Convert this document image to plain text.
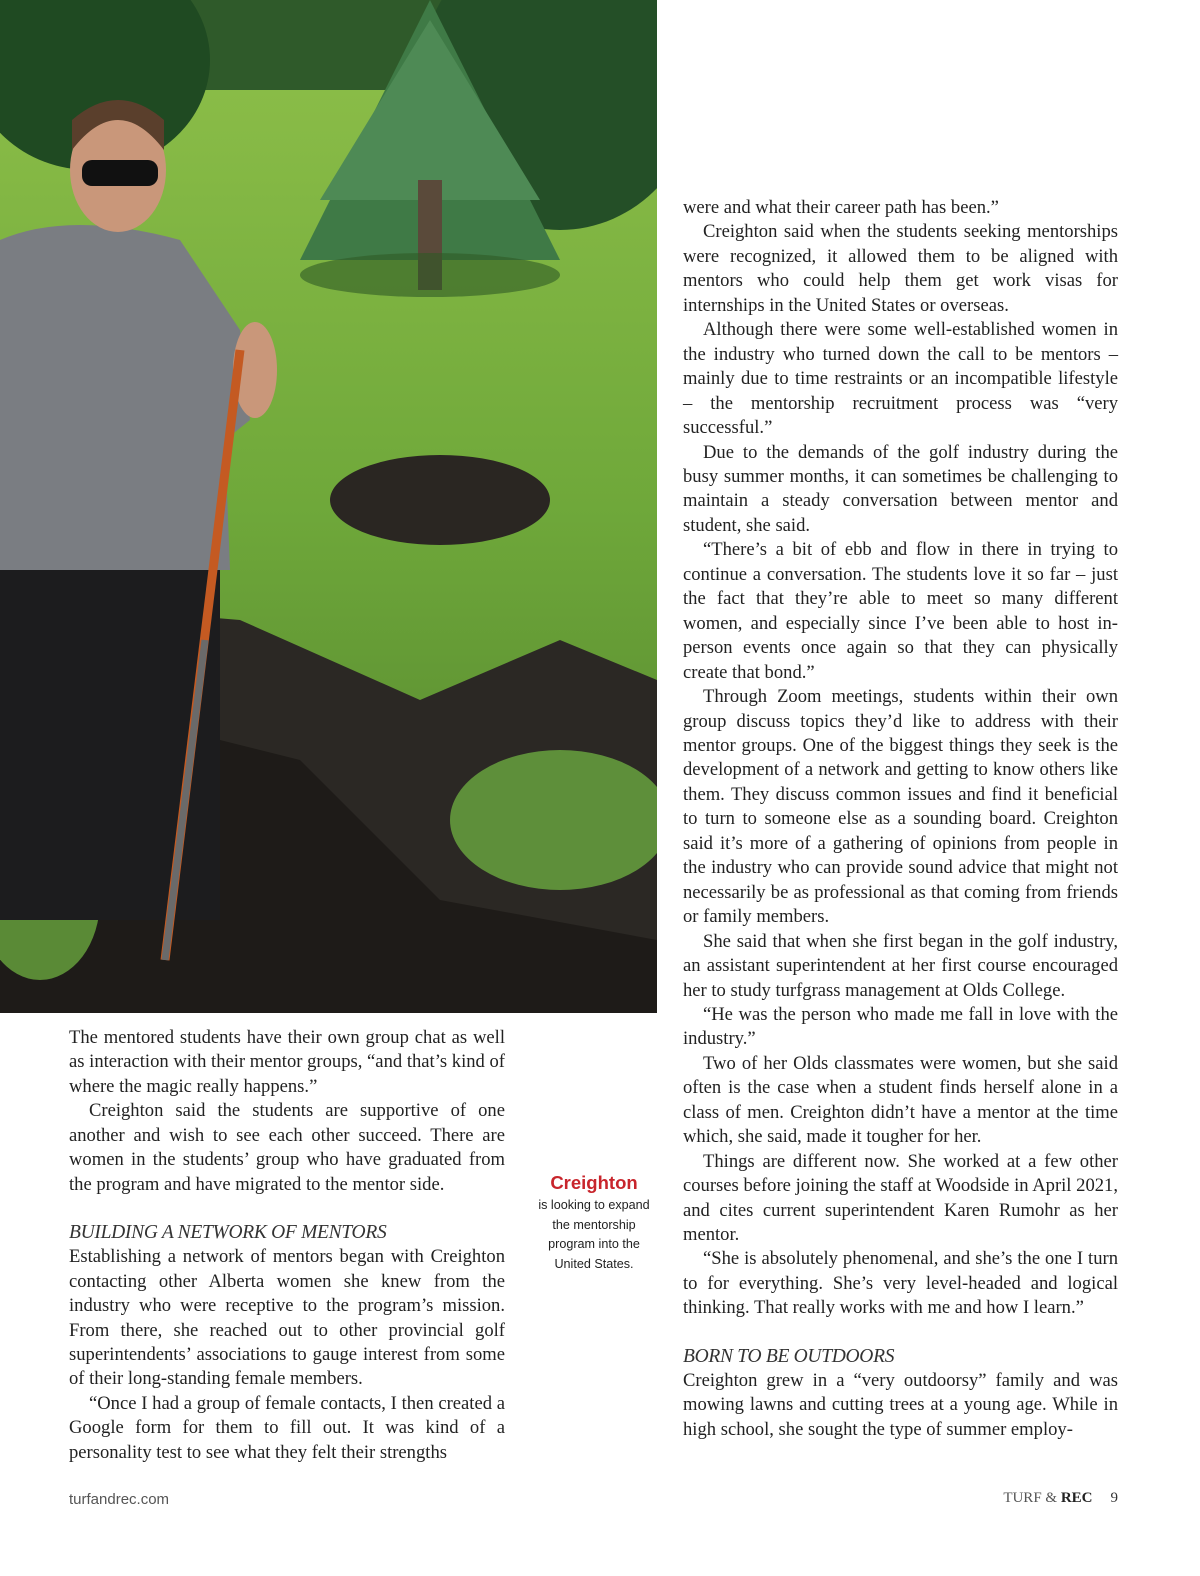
The mentored students have their own group chat as well as interaction with their mentor groups, “and that’s kind of where the magic really happens.”

Creighton said the students are supportive of one another and wish to see each other succeed. There are women in the students’ group who have graduated from the program and have migrated to the mentor side.

BUILDING A NETWORK OF MENTORS

Establishing a network of mentors began with Creighton contacting other Alberta women she knew from the industry who were receptive to the program’s mission. From there, she reached out to other provincial golf superintendents’ associations to gauge interest from some of their long-standing female members.

“Once I had a group of female contacts, I then created a Google form for them to fill out. It was kind of a personality test to see what they felt their strengths

Creighton
is looking to expand the mentorship program into the United States.

were and what their career path has been.”

Creighton said when the students seeking mentorships were recognized, it allowed them to be aligned with mentors who could help them get work visas for internships in the United States or overseas.

Although there were some well-established women in the industry who turned down the call to be mentors – mainly due to time restraints or an incompatible lifestyle – the mentorship recruitment process was “very successful.”

Due to the demands of the golf industry during the busy summer months, it can sometimes be challenging to maintain a steady conversation between mentor and student, she said.

“There’s a bit of ebb and flow in there in trying to continue a conversation. The students love it so far – just the fact that they’re able to meet so many different women, and especially since I’ve been able to host in-person events once again so that they can physically create that bond.”

Through Zoom meetings, students within their own group discuss topics they’d like to address with their mentor groups. One of the biggest things they seek is the development of a network and getting to know others like them. They discuss common issues and find it beneficial to turn to someone else as a sounding board. Creighton said it’s more of a gathering of opinions from people in the industry who can provide sound advice that might not necessarily be as professional as that coming from friends or family members.

She said that when she first began in the golf industry, an assistant superintendent at her first course encouraged her to study turfgrass management at Olds College.

“He was the person who made me fall in love with the industry.”

Two of her Olds classmates were women, but she said often is the case when a student finds herself alone in a class of men. Creighton didn’t have a mentor at the time which, she said, made it tougher for her.

Things are different now. She worked at a few other courses before joining the staff at Woodside in April 2021, and cites current superintendent Karen Rumohr as her mentor.

“She is absolutely phenomenal, and she’s the one I turn to for everything. She’s very level-headed and logical thinking. That really works with me and how I learn.”

BORN TO BE OUTDOORS

Creighton grew in a “very outdoorsy” family and was mowing lawns and cutting trees at a young age. While in high school, she sought the type of summer employ-

turfandrec.com	TURF & REC 9
